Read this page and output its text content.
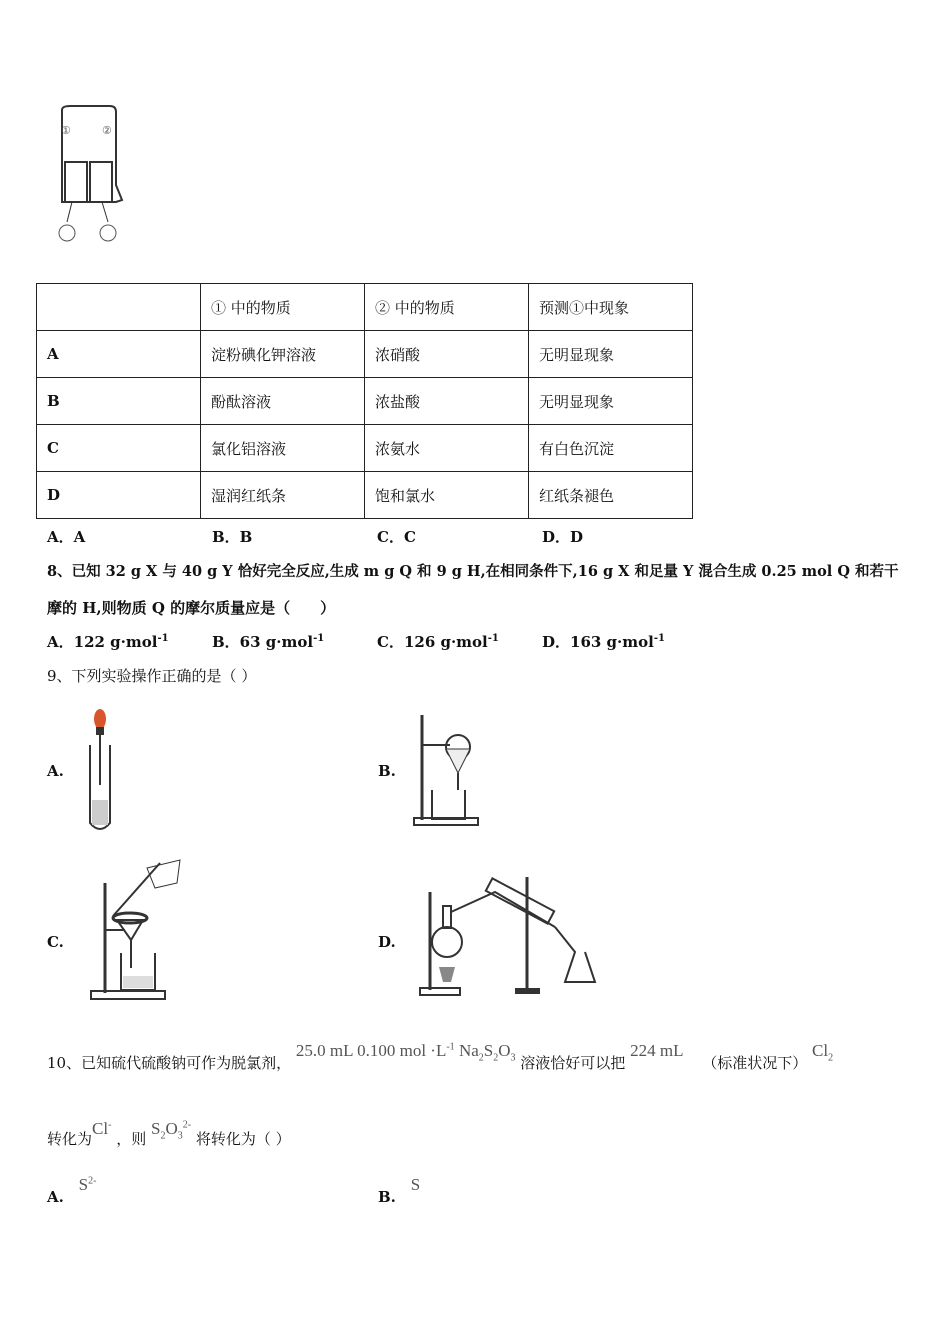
①	②
	① 中的物质	② 中的物质	预测①中现象
A	淀粉碘化钾溶液	浓硝酸	无明显现象
B	酚酞溶液	浓盐酸	无明显现象
C	氯化铝溶液	浓氨水	有白色沉淀
D	湿润红纸条	饱和氯水	红纸条褪色
A．A	B．B	C．C	D．D
8、已知 32 g X 与 40 g Y 恰好完全反应,生成 m g Q 和 9 g H,在相同条件下,16 g X 和足量 Y 混合生成 0.25 mol Q 和若干
摩的 H,则物质 Q 的摩尔质量应是（　　）
A．122 g·mol$^{-1}$	B．63 g·mol$^{-1}$	C．126 g·mol$^{-1}$	D．163 g·mol$^{-1}$
9、下列实验操作正确的是（ ）
A.	B.
C.	D.
10、已知硫代硫酸钠可作为脱氯剂， 25.0 mL 0.100 mol $\cdot L^{-1}$ $Na_2S_2O_3$ 溶液恰好可以把 224 mL （标准状况下） $Cl_2$
转化为Cl- ，则 $S_2O_3^{2-}$ 将转化为（ ）
A. $S^{2-}$
B. S
